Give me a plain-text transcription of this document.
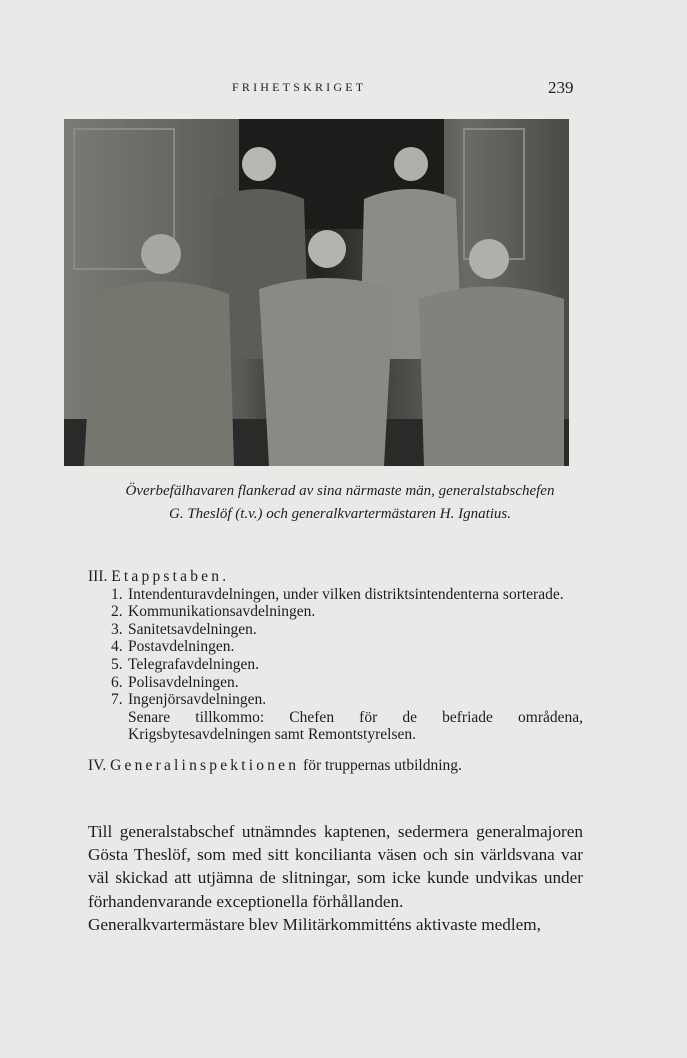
FRIHETSKRIGET	239
Överbefälhavaren flankerad av sina närmaste män, generalstabschefen
G. Theslöf (t.v.) och generalkvartermästaren H. Ignatius.
III. Etappstaben.
1. Intendenturavdelningen, under vilken distriktsintendenterna sorterade.
2. Kommunikationsavdelningen.
3. Sanitetsavdelningen.
4. Postavdelningen.
5. Telegrafavdelningen.
6. Polisavdelningen.
7. Ingenjörsavdelningen.
Senare tillkommo: Chefen för de befriade områdena, Krigsbytesavdelningen samt Remontstyrelsen.
IV. Generalinspektionen för truppernas utbildning.

Till generalstabschef utnämndes kaptenen, sedermera generalmajoren Gösta Theslöf, som med sitt koncilianta väsen och sin världsvana var väl skickad att utjämna de slitningar, som icke kunde undvikas under förhandenvarande exceptionella förhållanden.

Generalkvartermästare blev Militärkommitténs aktivaste medlem,
